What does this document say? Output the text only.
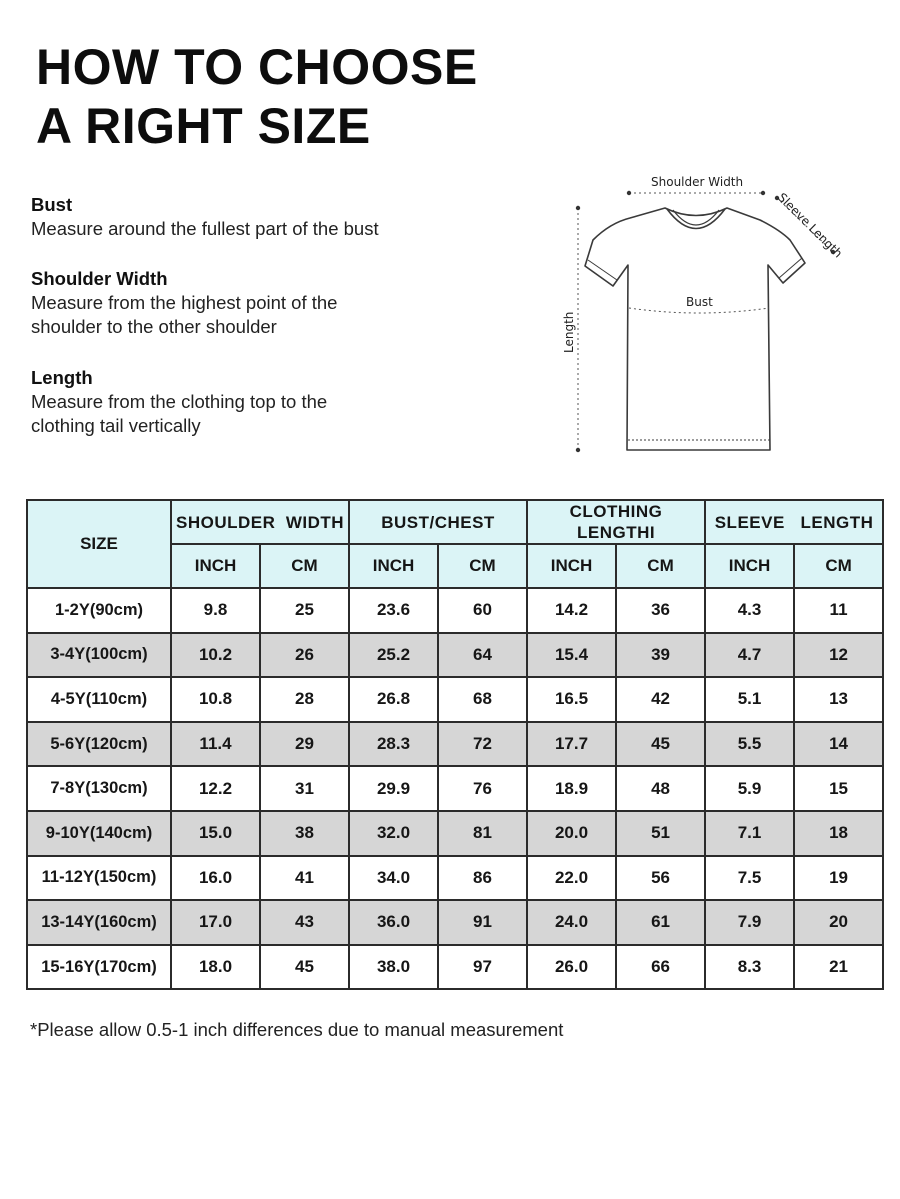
HOW TO CHOOSE
A RIGHT SIZE
Bust
Measure around the fullest part of the bust
Shoulder Width
Measure from the highest point of the
shoulder to the other shoulder
Length
Measure from the clothing top to the
clothing tail vertically
Shoulder Width
Sleeve Length
Bust
Length
SIZE	SHOULDER  WIDTH		BUST/CHEST		CLOTHING LENGTHI		SLEEVE   LENGTH	
	INCH	CM	INCH	CM	INCH	CM	INCH	CM
1-2Y(90cm)	9.8	25	23.6	60	14.2	36	4.3	11
3-4Y(100cm)	10.2	26	25.2	64	15.4	39	4.7	12
4-5Y(110cm)	10.8	28	26.8	68	16.5	42	5.1	13
5-6Y(120cm)	11.4	29	28.3	72	17.7	45	5.5	14
7-8Y(130cm)	12.2	31	29.9	76	18.9	48	5.9	15
9-10Y(140cm)	15.0	38	32.0	81	20.0	51	7.1	18
11-12Y(150cm)	16.0	41	34.0	86	22.0	56	7.5	19
13-14Y(160cm)	17.0	43	36.0	91	24.0	61	7.9	20
15-16Y(170cm)	18.0	45	38.0	97	26.0	66	8.3	21
*Please allow 0.5-1 inch differences due to manual measurement
